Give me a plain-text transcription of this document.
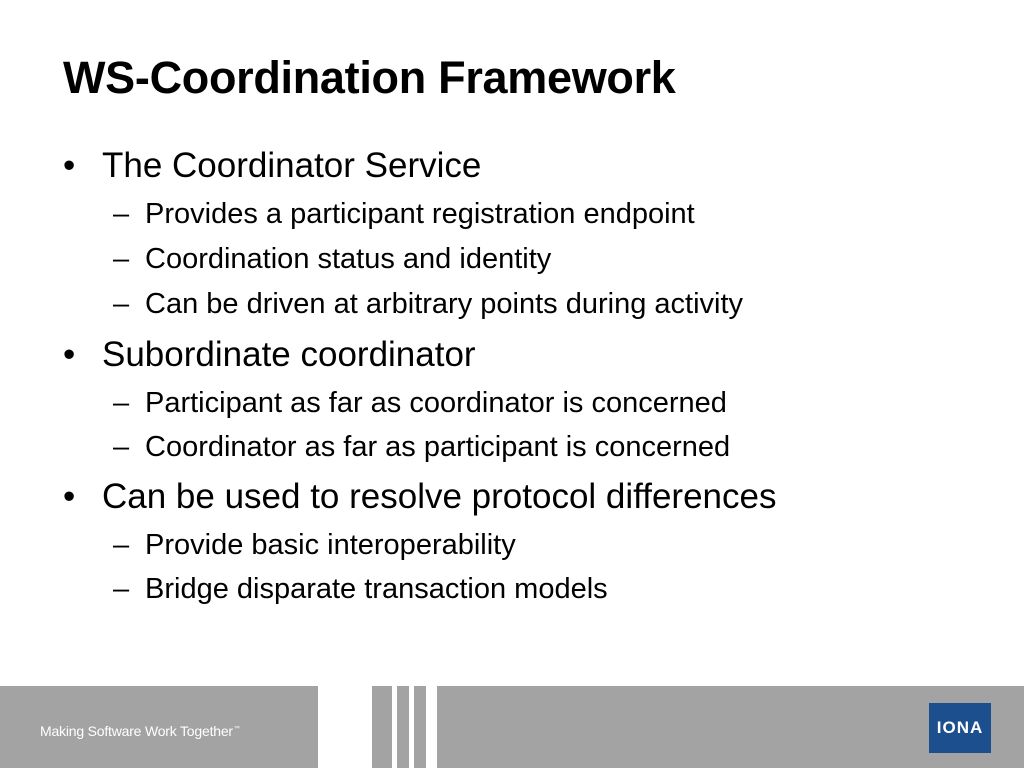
WS-Coordination Framework
• The Coordinator Service
– Provides a participant registration endpoint
– Coordination status and identity
– Can be driven at arbitrary points during activity
• Subordinate coordinator
– Participant as far as coordinator is concerned
– Coordinator as far as participant is concerned
• Can be used to resolve protocol differences
– Provide basic interoperability
– Bridge disparate transaction models
Making Software Work Together™	IONA
